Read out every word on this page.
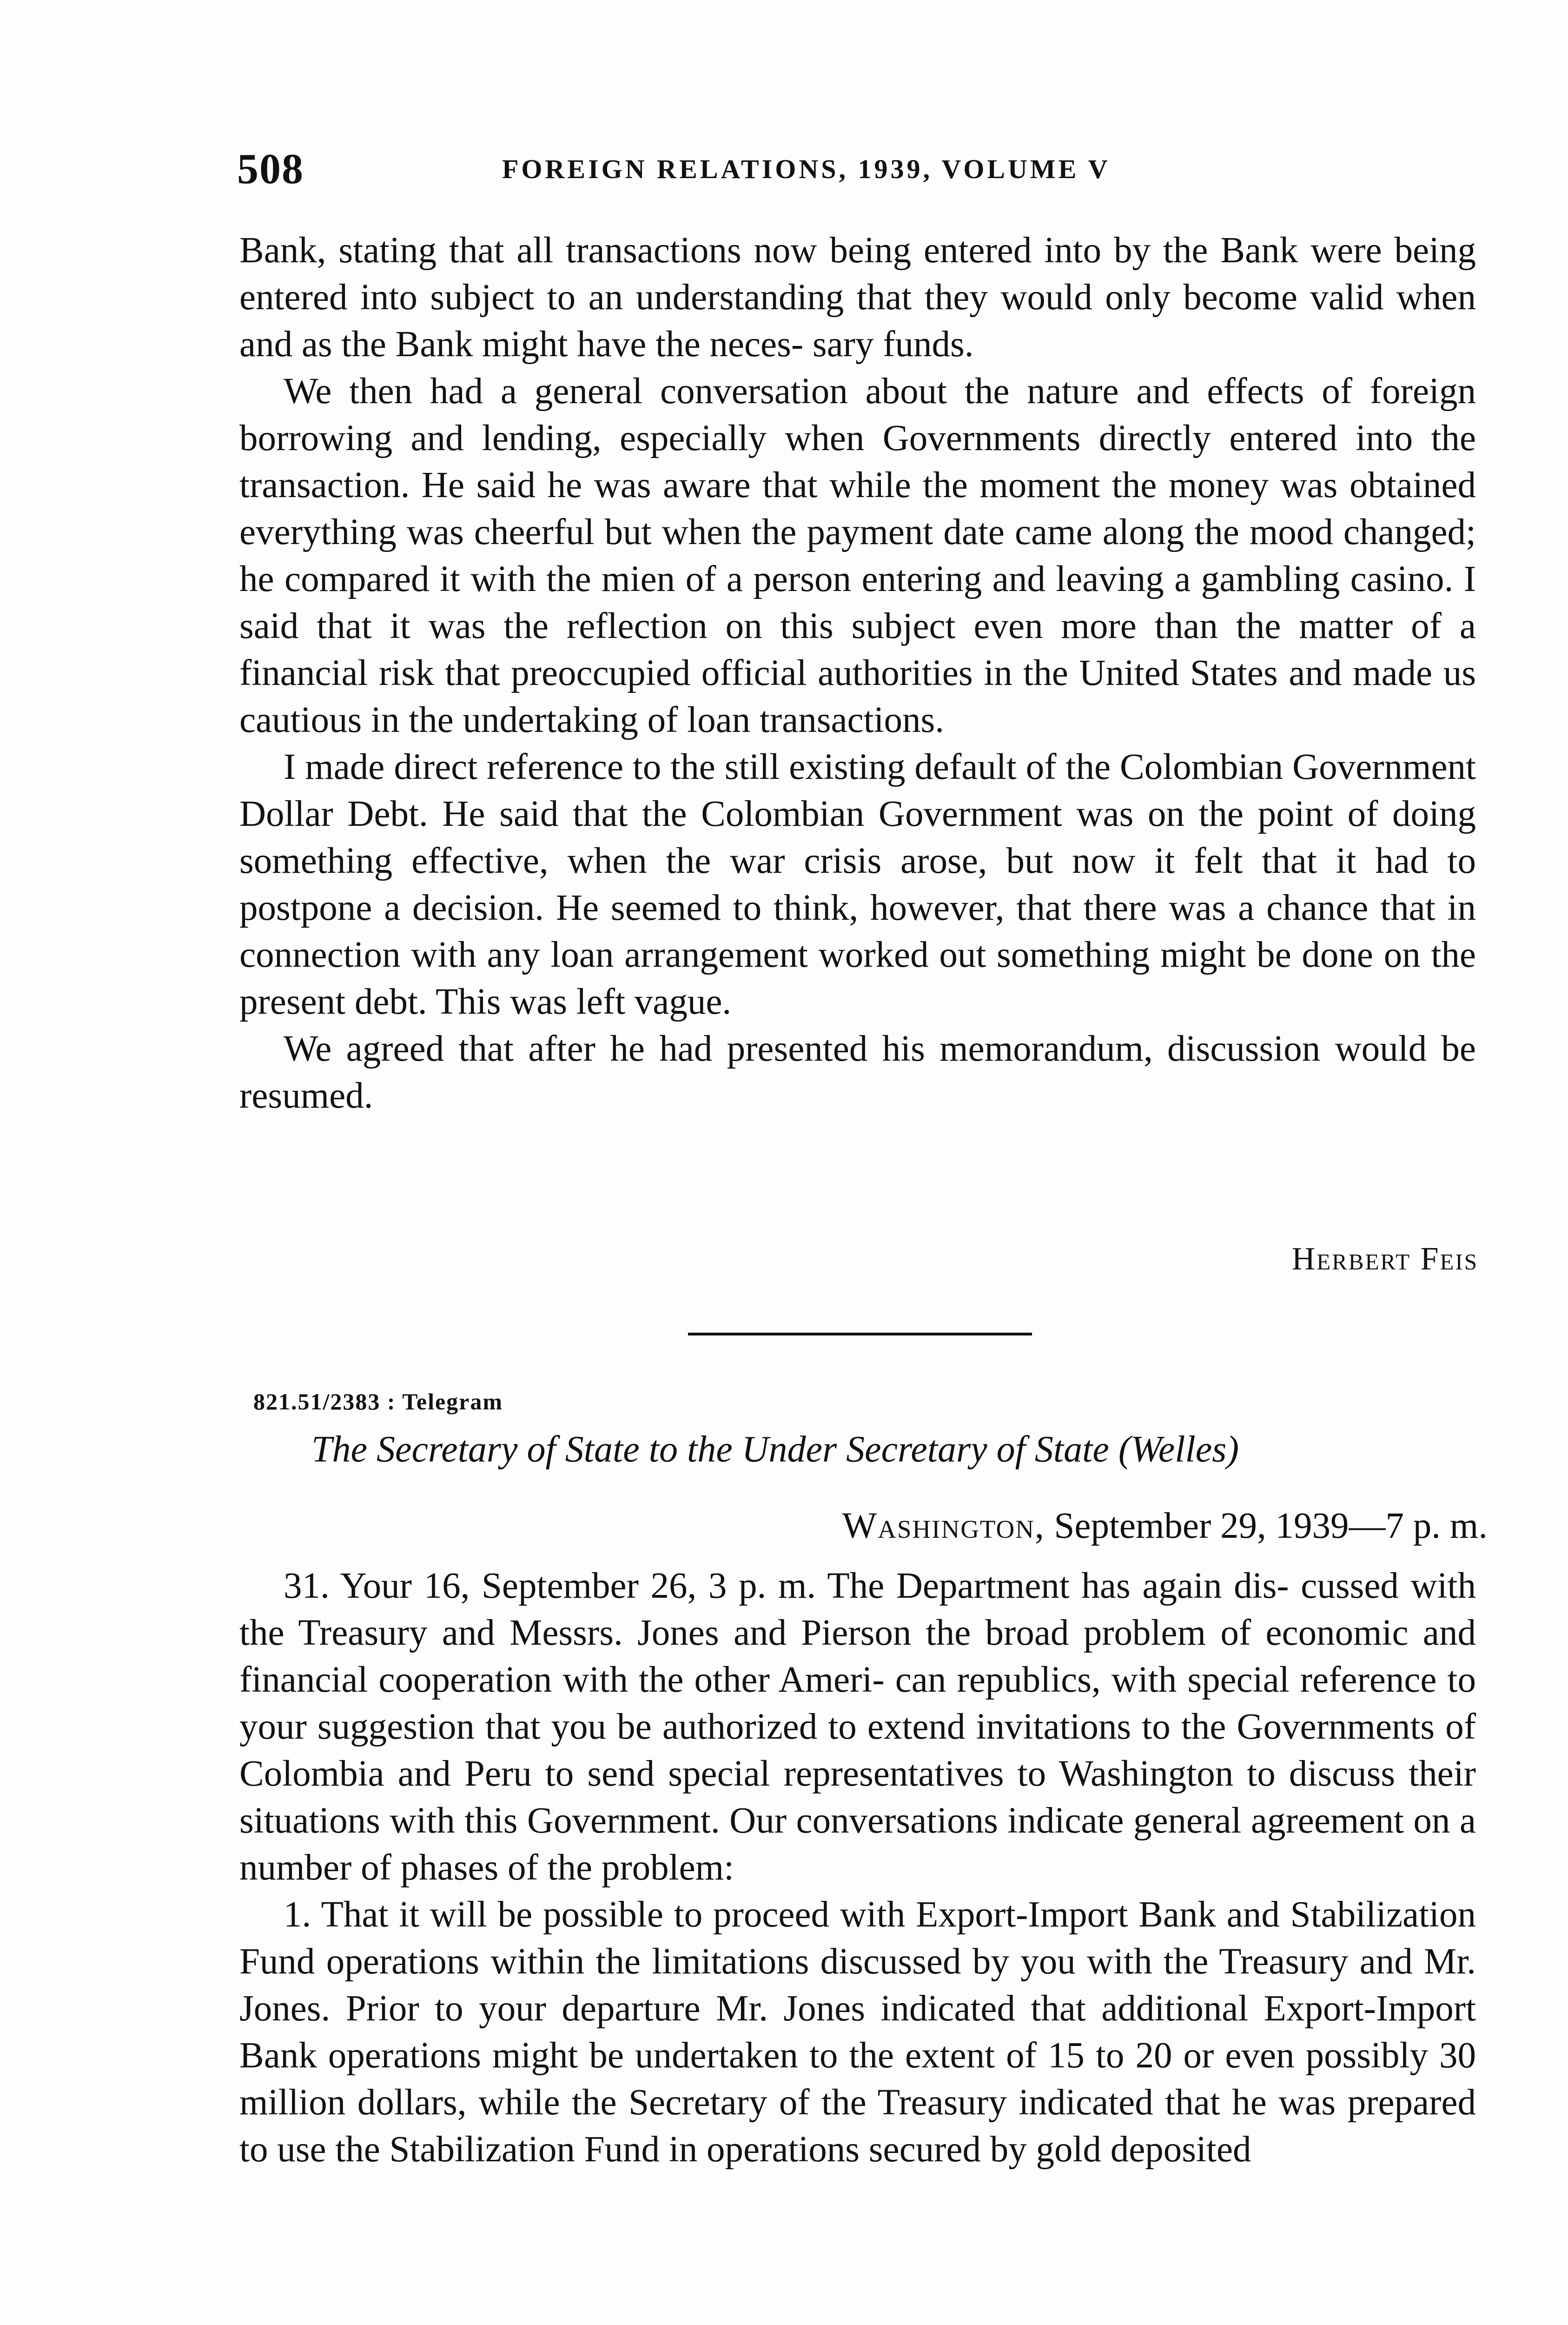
508	FOREIGN RELATIONS, 1939, VOLUME V

Bank, stating that all transactions now being entered into by the Bank were being entered into subject to an understanding that they would only become valid when and as the Bank might have the neces- sary funds.

We then had a general conversation about the nature and effects of foreign borrowing and lending, especially when Governments directly entered into the transaction. He said he was aware that while the moment the money was obtained everything was cheerful but when the payment date came along the mood changed; he compared it with the mien of a person entering and leaving a gambling casino. I said that it was the reflection on this subject even more than the matter of a financial risk that preoccupied official authorities in the United States and made us cautious in the undertaking of loan transactions.

I made direct reference to the still existing default of the Colombian Government Dollar Debt. He said that the Colombian Government was on the point of doing something effective, when the war crisis arose, but now it felt that it had to postpone a decision. He seemed to think, however, that there was a chance that in connection with any loan arrangement worked out something might be done on the present debt. This was left vague.

We agreed that after he had presented his memorandum, discussion would be resumed.

Herbert Feis
821.51/2383 : Telegram
The Secretary of State to the Under Secretary of State (Welles)
Washington, September 29, 1939—7 p. m.

31. Your 16, September 26, 3 p. m. The Department has again dis- cussed with the Treasury and Messrs. Jones and Pierson the broad problem of economic and financial cooperation with the other Ameri- can republics, with special reference to your suggestion that you be authorized to extend invitations to the Governments of Colombia and Peru to send special representatives to Washington to discuss their situations with this Government. Our conversations indicate general agreement on a number of phases of the problem:

1. That it will be possible to proceed with Export-Import Bank and Stabilization Fund operations within the limitations discussed by you with the Treasury and Mr. Jones. Prior to your departure Mr. Jones indicated that additional Export-Import Bank operations might be undertaken to the extent of 15 to 20 or even possibly 30 million dollars, while the Secretary of the Treasury indicated that he was prepared to use the Stabilization Fund in operations secured by gold deposited
